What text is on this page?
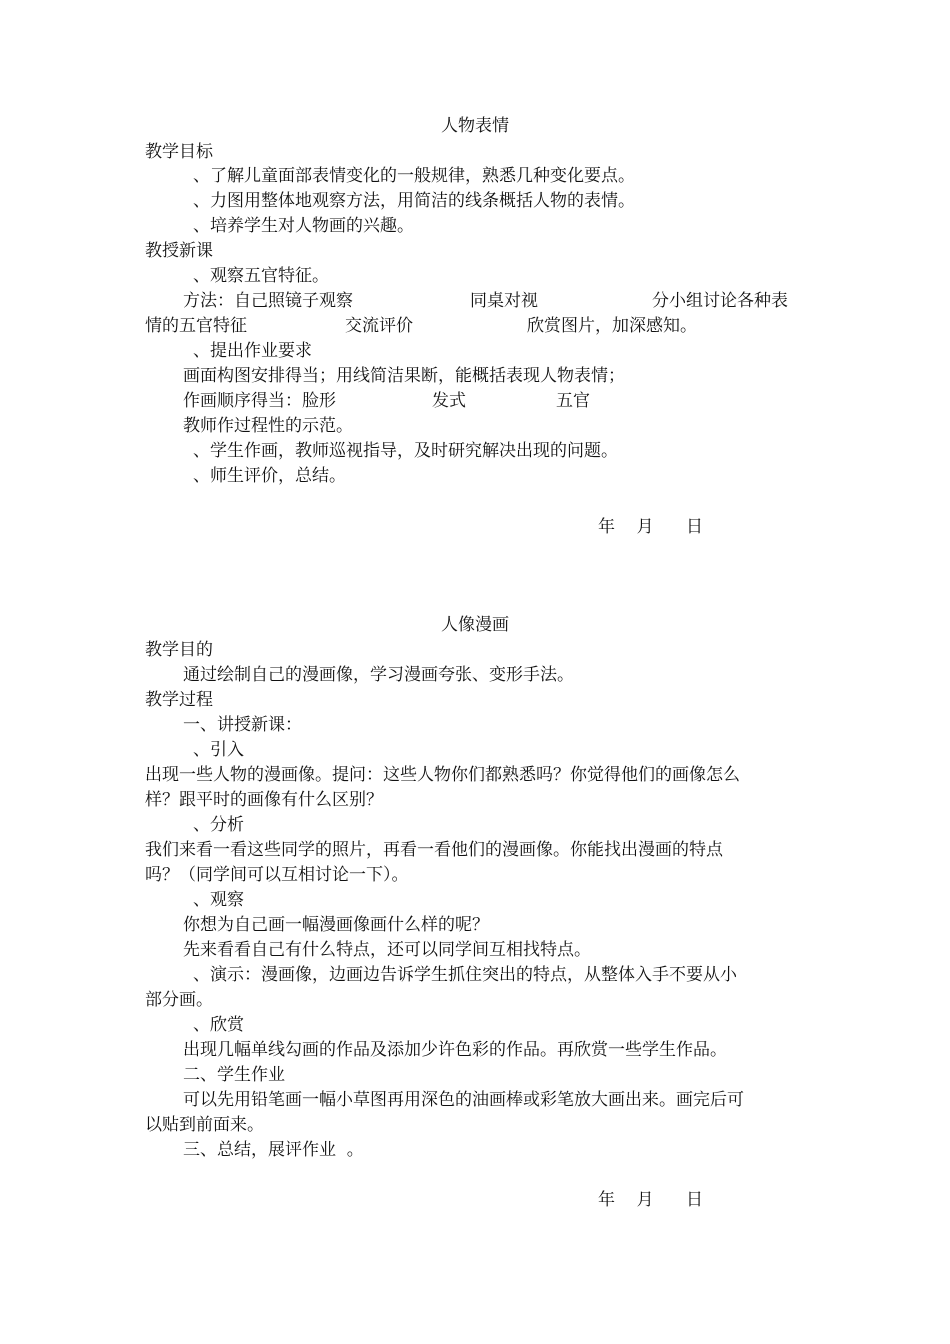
人物表情
教学目标
、了解儿童面部表情变化的一般规律，熟悉几种变化要点。
、力图用整体地观察方法，用简洁的线条概括人物的表情。
、培养学生对人物画的兴趣。
教授新课
、观察五官特征。
方法：自己照镜子观察	同桌对视	分小组讨论各种表
情的五官特征	交流评价	欣赏图片，加深感知。
、提出作业要求
画面构图安排得当；用线简洁果断，能概括表现人物表情；
作画顺序得当：脸形	发式	五官
教师作过程性的示范。
、学生作画，教师巡视指导，及时研究解决出现的问题。
、师生评价，总结。
年    月      日
人像漫画
教学目的
通过绘制自己的漫画像，学习漫画夸张、变形手法。
教学过程
一、讲授新课：
、引入
出现一些人物的漫画像。提问：这些人物你们都熟悉吗？你觉得他们的画像怎么
样？跟平时的画像有什么区别？
、分析
我们来看一看这些同学的照片，再看一看他们的漫画像。你能找出漫画的特点
吗？（同学间可以互相讨论一下）。
、观察
你想为自己画一幅漫画像画什么样的呢？
先来看看自己有什么特点，还可以同学间互相找特点。
、演示：漫画像，边画边告诉学生抓住突出的特点，从整体入手不要从小
部分画。
、欣赏
出现几幅单线勾画的作品及添加少许色彩的作品。再欣赏一些学生作品。
二、学生作业
可以先用铅笔画一幅小草图再用深色的油画棒或彩笔放大画出来。画完后可
以贴到前面来。
三、总结，展评作业  。
年    月      日
